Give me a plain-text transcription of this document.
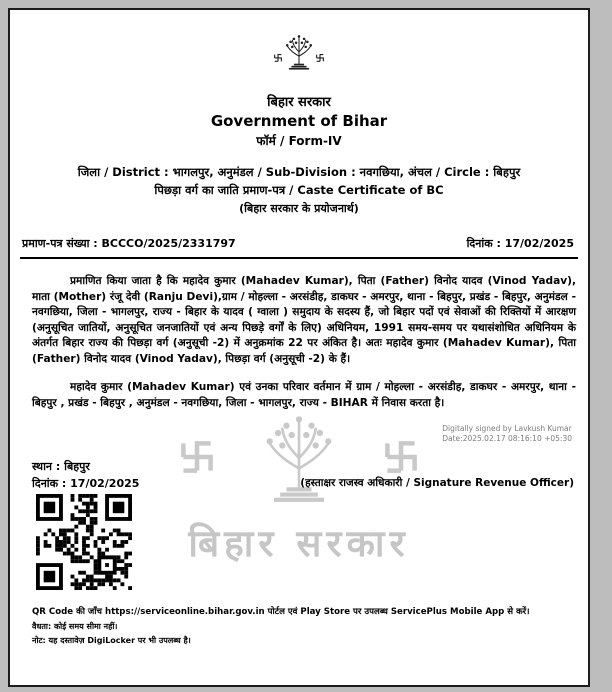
बिहार सरकार
बिहार सरकार
Government of Bihar
फॉर्म / Form-IV
जिला / District : भागलपुर, अनुमंडल / Sub-Division : नवगछिया, अंचल / Circle : बिहपुर
पिछड़ा वर्ग का जाति प्रमाण-पत्र / Caste Certificate of BC
(बिहार सरकार के प्रयोजनार्थ)
प्रमाण-पत्र संख्या : BCCCO/2025/2331797	दिनांक : 17/02/2025

प्रमाणित किया जाता है कि महादेव कुमार (Mahadev Kumar), पिता (Father) विनोद यादव (Vinod Yadav), माता (Mother) रंजू देवी (Ranju Devi),ग्राम / मोहल्ला - अरसंडीह, डाकघर - अमरपुर, थाना - बिहपुर, प्रखंड - बिहपुर, अनुमंडल - नवगछिया, जिला - भागलपुर, राज्य - बिहार के यादव ( ग्वाला ) समुदाय के सदस्य हैं, जो बिहार पदों एवं सेवाओं की रिक्तियों में आरक्षण (अनुसूचित जातियों, अनुसूचित जनजातियों एवं अन्य पिछड़े वर्गों के लिए) अधिनियम, 1991 समय-समय पर यथासंशोधित अधिनियम के अंतर्गत बिहार राज्य की पिछड़ा वर्ग (अनुसूची -2) में अनुक्रमांक 22 पर अंकित है। अतः महादेव कुमार (Mahadev Kumar), पिता (Father) विनोद यादव (Vinod Yadav), पिछड़ा वर्ग (अनुसूची -2) के हैं।

महादेव कुमार (Mahadev Kumar) एवं उनका परिवार वर्तमान में ग्राम / मोहल्ला - अरसंडीह, डाकघर - अमरपुर, थाना - बिहपुर , प्रखंड - बिहपुर , अनुमंडल - नवगछिया, जिला - भागलपुर, राज्य - BIHAR में निवास करता है।

Digitally signed by Lavkush Kumar
Date:2025.02.17 08:16:10 +05:30
स्थान : बिहपुर
दिनांक : 17/02/2025	(हस्ताक्षर राजस्व अधिकारी / Signature Revenue Officer)
QR Code की जाँच https://serviceonline.bihar.gov.in पोर्टल एवं Play Store पर उपलब्ध ServicePlus Mobile App से करें।
वैधता: कोई समय सीमा नहीं।
नोट: यह दस्तावेज़ DigiLocker पर भी उपलब्ध है।
